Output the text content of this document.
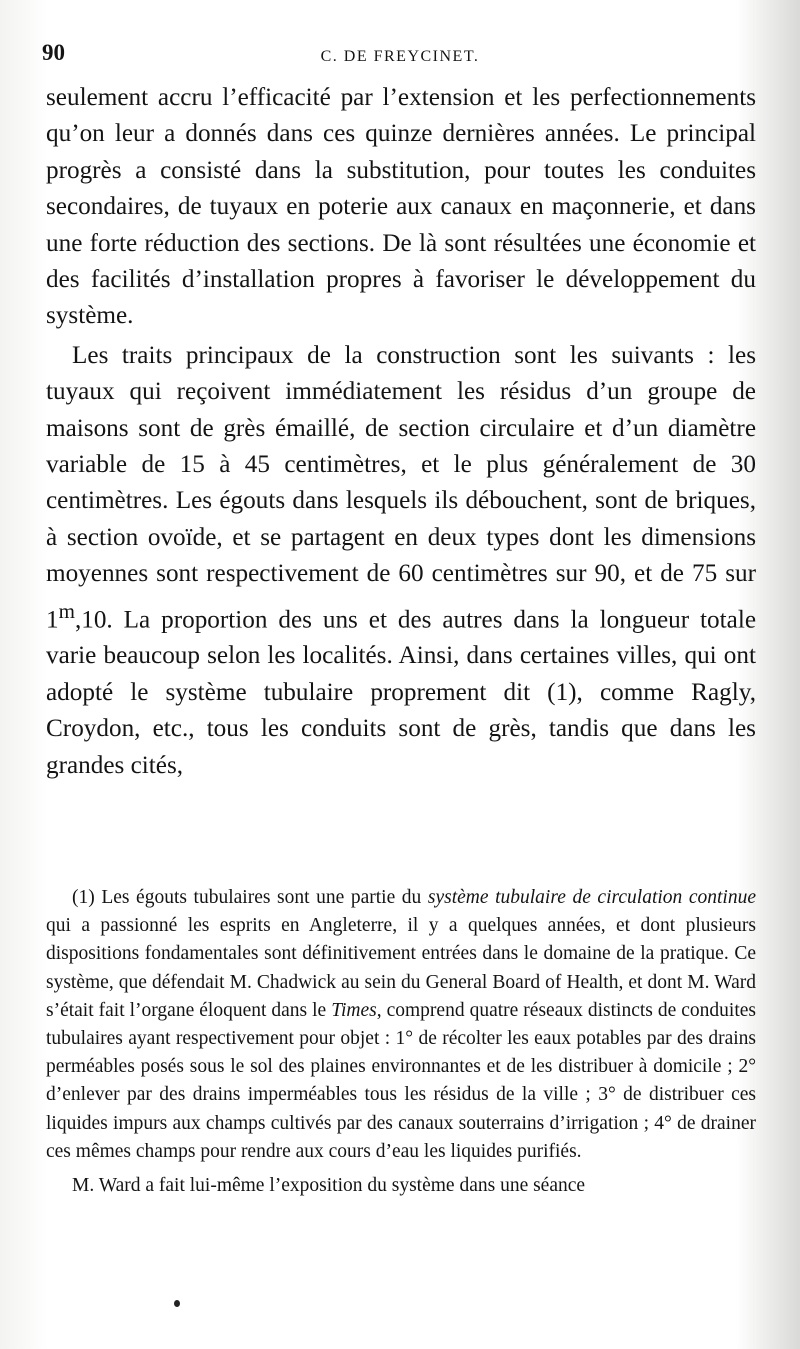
90	C. DE FREYCINET.

seulement accru l’efficacité par l’extension et les perfectionnements qu’on leur a donnés dans ces quinze dernières années. Le principal progrès a consisté dans la substitution, pour toutes les conduites secondaires, de tuyaux en poterie aux canaux en maçonnerie, et dans une forte réduction des sections. De là sont résultées une économie et des facilités d’installation propres à favoriser le développement du système.

Les traits principaux de la construction sont les suivants : les tuyaux qui reçoivent immédiatement les résidus d’un groupe de maisons sont de grès émaillé, de section circulaire et d’un diamètre variable de 15 à 45 centimètres, et le plus généralement de 30 centimètres. Les égouts dans lesquels ils débouchent, sont de briques, à section ovoïde, et se partagent en deux types dont les dimensions moyennes sont respectivement de 60 centimètres sur 90, et de 75 sur 1$^m$,10. La proportion des uns et des autres dans la longueur totale varie beaucoup selon les localités. Ainsi, dans certaines villes, qui ont adopté le système tubulaire proprement dit (1), comme Ragly, Croydon, etc., tous les conduits sont de grès, tandis que dans les grandes cités,

(1) Les égouts tubulaires sont une partie du système tubulaire de circulation continue qui a passionné les esprits en Angleterre, il y a quelques années, et dont plusieurs dispositions fondamentales sont définitivement entrées dans le domaine de la pratique. Ce système, que défendait M. Chadwick au sein du General Board of Health, et dont M. Ward s’était fait l’organe éloquent dans le Times, comprend quatre réseaux distincts de conduites tubulaires ayant respectivement pour objet : 1° de récolter les eaux potables par des drains perméables posés sous le sol des plaines environnantes et de les distribuer à domicile ; 2° d’enlever par des drains imperméables tous les résidus de la ville ; 3° de distribuer ces liquides impurs aux champs cultivés par des canaux souterrains d’irrigation ; 4° de drainer ces mêmes champs pour rendre aux cours d’eau les liquides purifiés.

M. Ward a fait lui-même l’exposition du système dans une séance
